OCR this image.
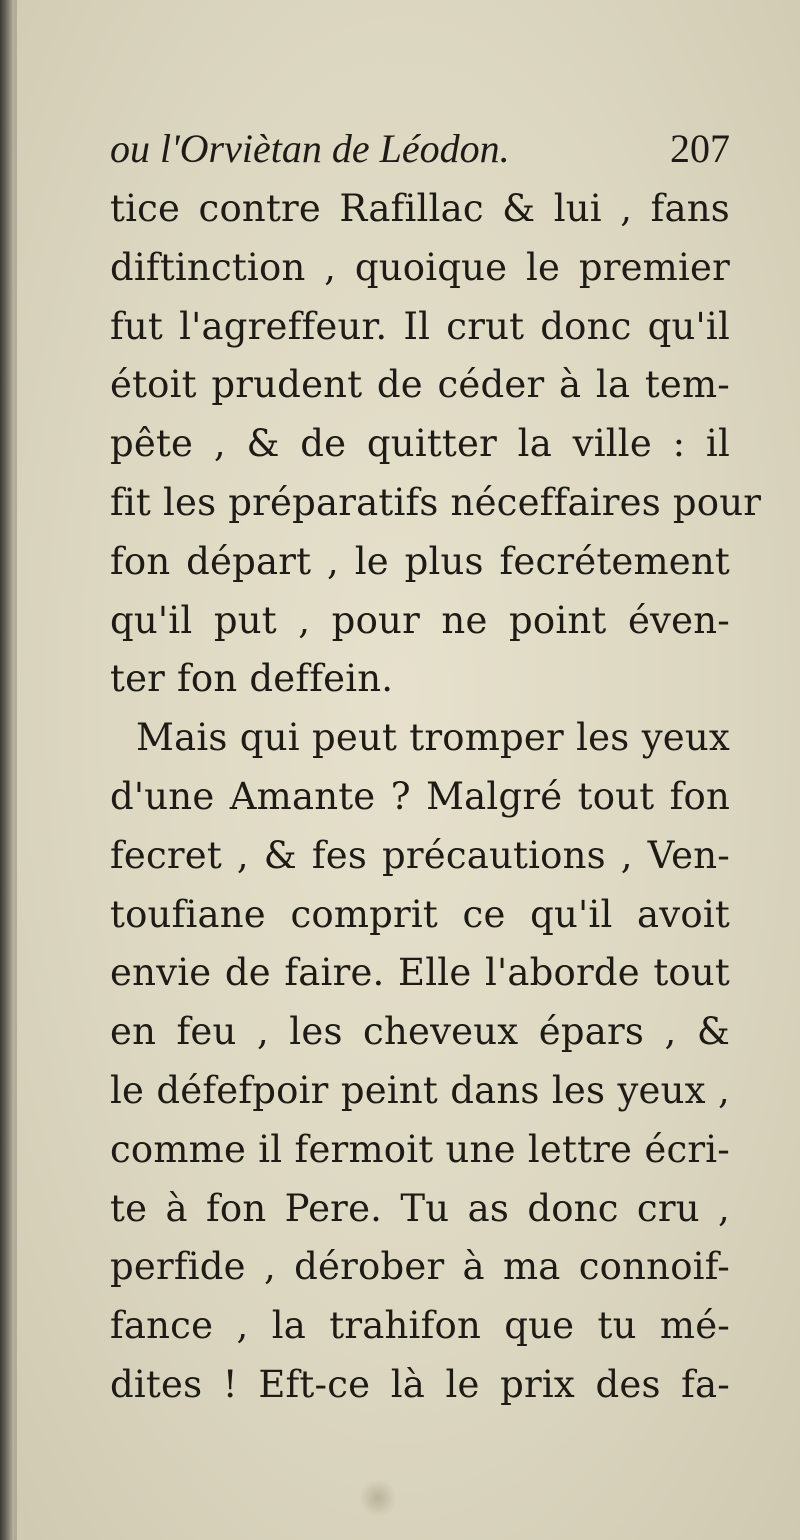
ou l'Orviètan de Léodon.	207
tice contre Rafillac & lui , fans
diftinction , quoique le premier
fut l'agreffeur. Il crut donc qu'il
étoit prudent de céder à la tem-
pête , & de quitter la ville : il
fit les préparatifs néceffaires pour
fon départ , le plus fecrétement
qu'il put , pour ne point éven-
ter fon deffein.
Mais qui peut tromper les yeux
d'une Amante ? Malgré tout fon
fecret , & fes précautions , Ven-
toufiane comprit ce qu'il avoit
envie de faire. Elle l'aborde tout
en feu , les cheveux épars , &
le défefpoir peint dans les yeux ,
comme il fermoit une lettre écri-
te à fon Pere. Tu as donc cru ,
perfide , dérober à ma connoif-
fance , la trahifon que tu mé-
dites ! Eft-ce là le prix des fa-
